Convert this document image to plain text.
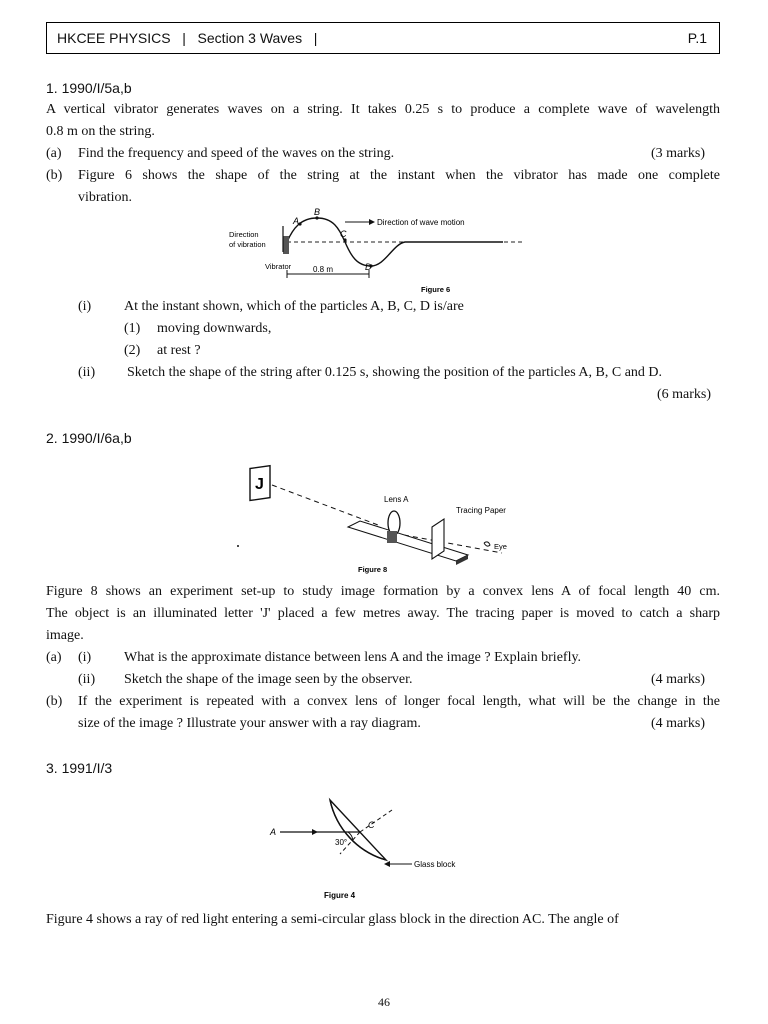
HKCEE PHYSICS   |   Section 3 Waves   |	P.1
1. 1990/I/5a,b
A vertical vibrator generates waves on a string. It takes 0.25 s to produce a complete wave of wavelength
0.8 m on the string.
(a) Find the frequency and speed of the waves on the string.	(3 marks)
(b) Figure 6 shows the shape of the string at the instant when the vibrator has made one complete
vibration.
A
B
C
D
Direction of wave motion
Direction
of vibration
Vibrator	0.8 m
Figure 6
(i) At the instant shown, which of the particles A, B, C, D is/are
(1) moving downwards,
(2) at rest ?
(ii) Sketch the shape of the string after 0.125 s, showing the position of the particles A, B, C and D.
(6 marks)
2. 1990/I/6a,b
J
Lens A
Tracing Paper
Eye
Figure 8
Figure 8 shows an experiment set-up to study image formation by a convex lens A of focal length 40 cm.
The object is an illuminated letter 'J' placed a few metres away. The tracing paper is moved to catch a sharp
image.
(a) (i) What is the approximate distance between lens A and the image ? Explain briefly.
(ii) Sketch the shape of the image seen by the observer.	(4 marks)
(b) If the experiment is repeated with a convex lens of longer focal length, what will be the change in the
size of the image ? Illustrate your answer with a ray diagram.	(4 marks)
3. 1991/I/3
A
C
30°
Glass block
Figure 4
Figure 4 shows a ray of red light entering a semi-circular glass block in the direction AC. The angle of
46
